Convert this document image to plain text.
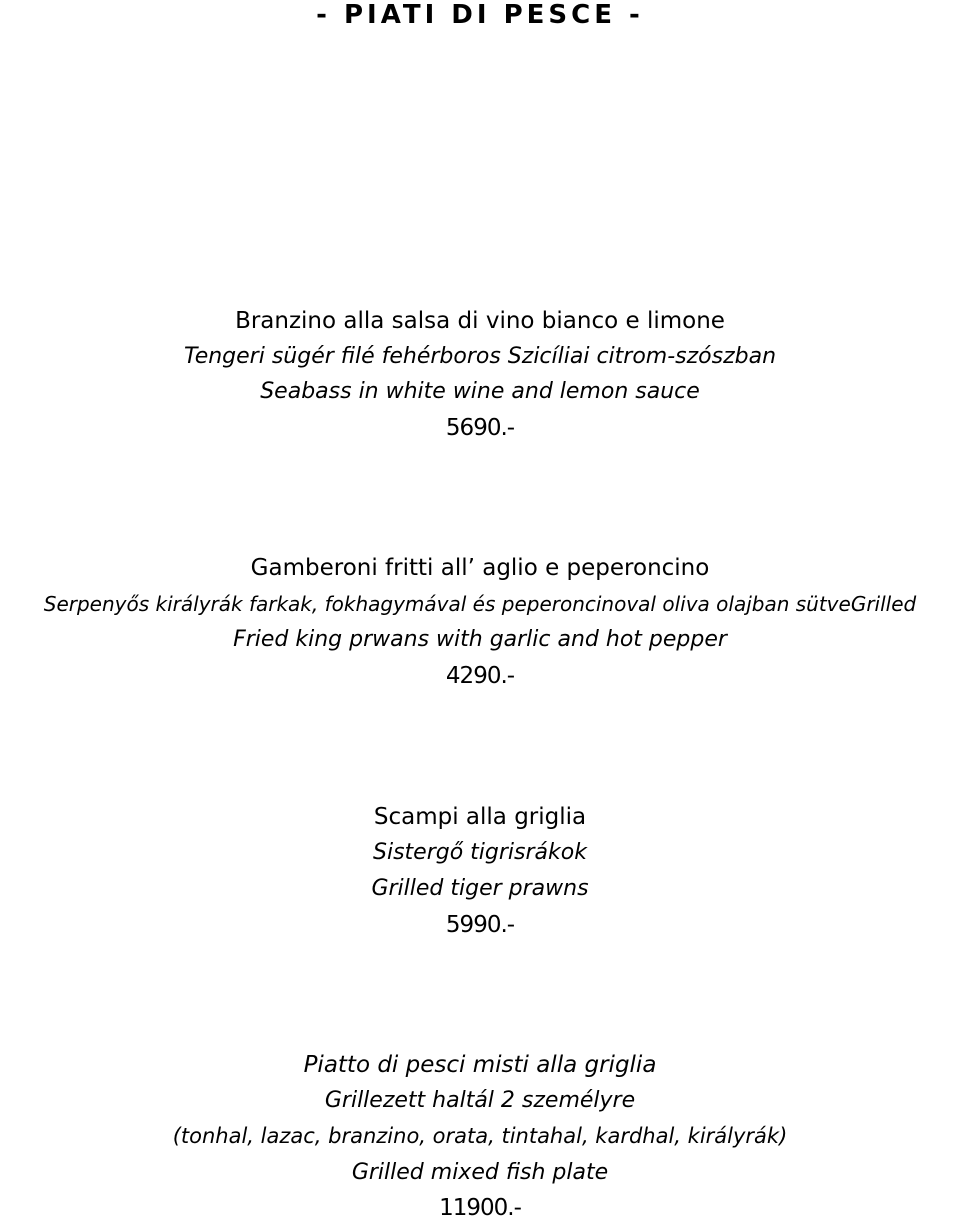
- PIATI DI PESCE -
Branzino alla salsa di vino bianco e limone
Tengeri sügér filé fehérboros Szicíliai citrom-szószban
Seabass in white wine and lemon sauce
5690.-
Gamberoni fritti all’ aglio e peperoncino
Serpenyős királyrák farkak, fokhagymával és peperoncinoval oliva olajban sütveGrilled
Fried king prwans with garlic and hot pepper
4290.-
Scampi alla griglia
Sistergő tigrisrákok
Grilled tiger prawns
5990.-
Piatto di pesci misti alla griglia
Grillezett haltál 2 személyre
(tonhal, lazac, branzino, orata, tintahal, kardhal, királyrák)
Grilled mixed fish plate
11900.-
